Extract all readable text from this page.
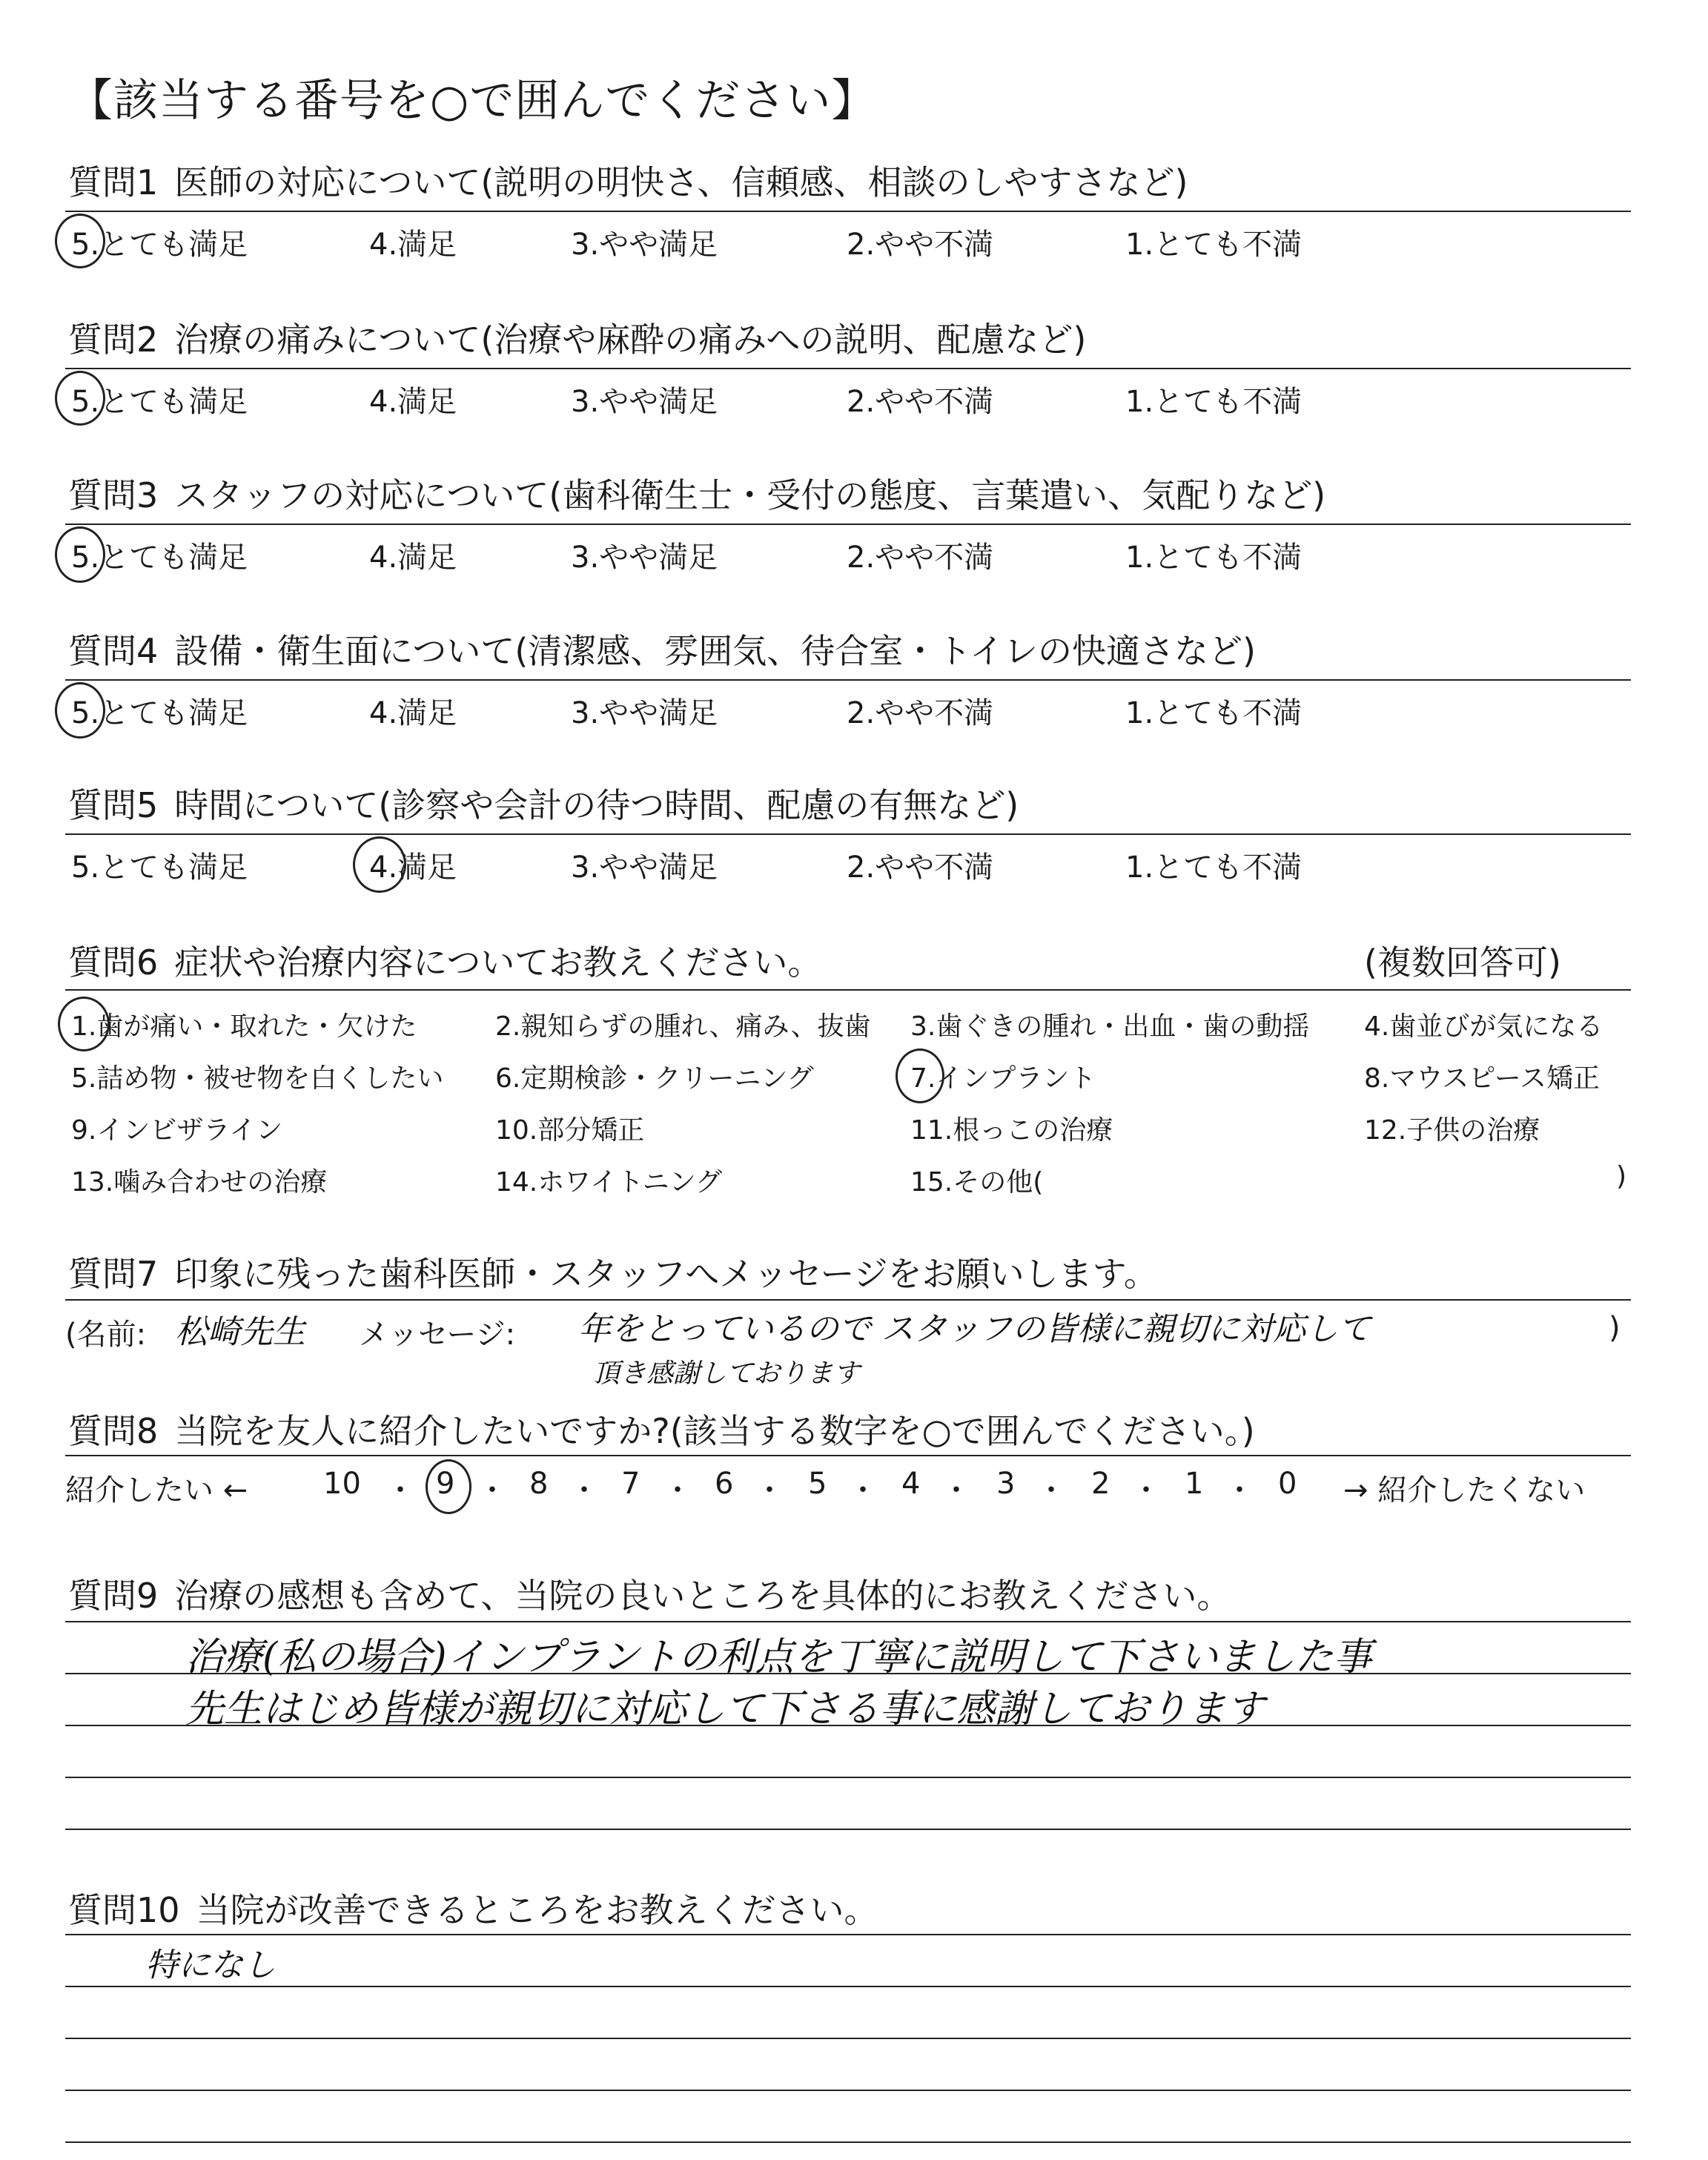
【該当する番号を○で囲んでください】
質問1 医師の対応について(説明の明快さ、信頼感、相談のしやすさなど)
5.とても満足	4.満足	3.やや満足	2.やや不満	1.とても不満
質問2 治療の痛みについて(治療や麻酔の痛みへの説明、配慮など)
5.とても満足	4.満足	3.やや満足	2.やや不満	1.とても不満
質問3 スタッフの対応について(歯科衛生士・受付の態度、言葉遣い、気配りなど)
5.とても満足	4.満足	3.やや満足	2.やや不満	1.とても不満
質問4 設備・衛生面について(清潔感、雰囲気、待合室・トイレの快適さなど)
5.とても満足	4.満足	3.やや満足	2.やや不満	1.とても不満
質問5 時間について(診察や会計の待つ時間、配慮の有無など)
5.とても満足	4.満足	3.やや満足	2.やや不満	1.とても不満
質問6 症状や治療内容についてお教えください。	(複数回答可)
1.歯が痛い・取れた・欠けた	2.親知らずの腫れ、痛み、抜歯 3.歯ぐきの腫れ・出血・歯の動揺 4.歯並びが気になる
5.詰め物・被せ物を白くしたい 6.定期検診・クリーニング	7.インプラント	8.マウスピース矯正
9.インビザライン	10.部分矯正	11.根っこの治療	12.子供の治療
13.噛み合わせの治療	14.ホワイトニング	15.その他(	)
質問7 印象に残った歯科医師・スタッフへメッセージをお願いします。
(名前: 松崎先生 メッセージ: 年をとっているので スタッフの皆様に親切に対応して	)
頂き感謝しております
質問8 当院を友人に紹介したいですか?(該当する数字を○で囲んでください。)
紹介したい ←	10 ・ 9 ・ 8 ・ 7 ・ 6 ・ 5 ・ 4 ・ 3 ・ 2 ・ 1 ・ 0 → 紹介したくない
質問9 治療の感想も含めて、当院の良いところを具体的にお教えください。
治療(私の場合)インプラントの利点を丁寧に説明して下さいました事
先生はじめ皆様が親切に対応して下さる事に感謝しております
質問10 当院が改善できるところをお教えください。
特になし
